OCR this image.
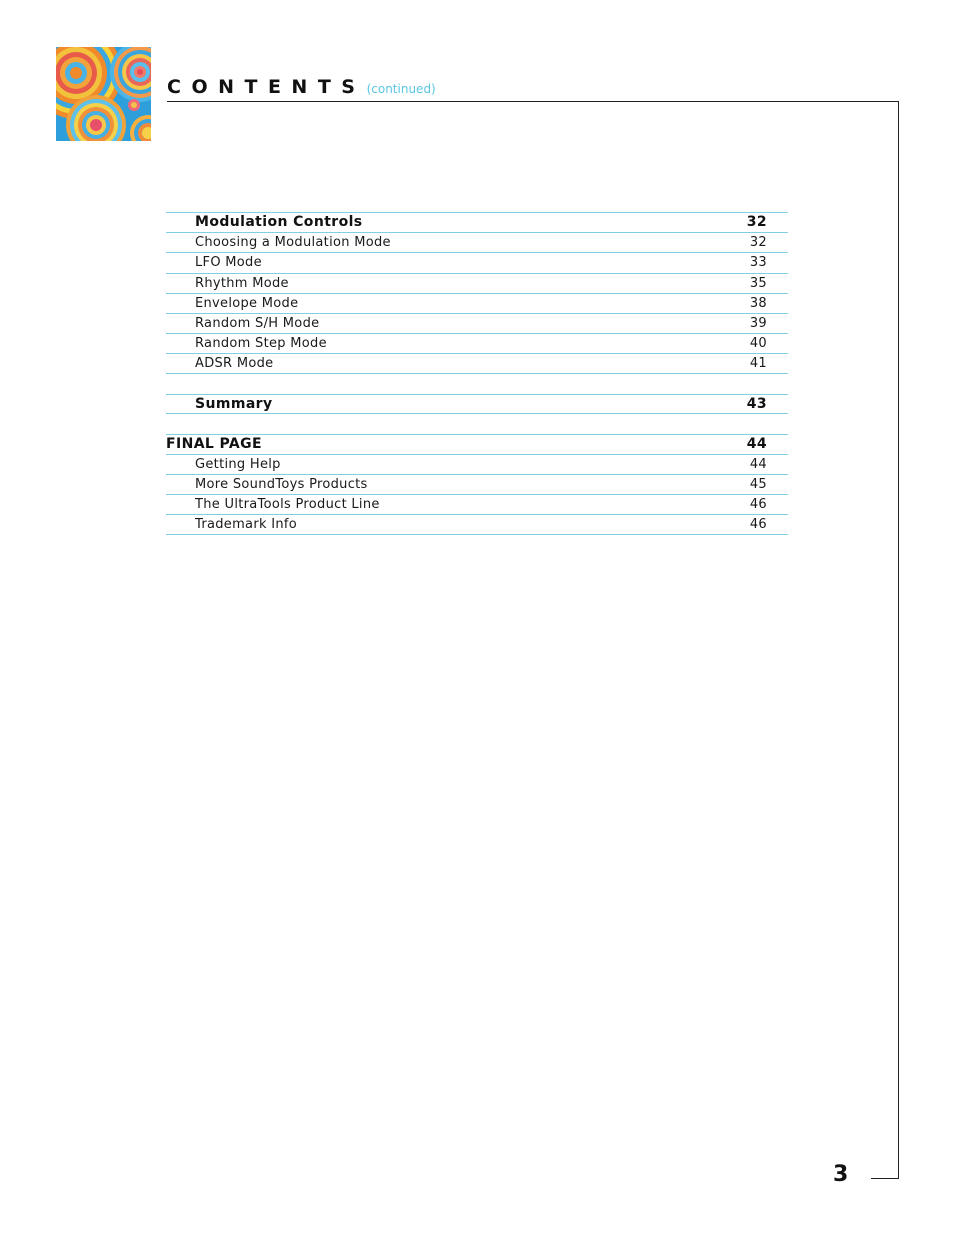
CONTENTS (continued)
Modulation Controls	32
Choosing a Modulation Mode	32
LFO Mode	33
Rhythm Mode	35
Envelope Mode	38
Random S/H Mode	39
Random Step Mode	40
ADSR Mode	41
Summary	43
FINAL PAGE	44
Getting Help	44
More SoundToys Products	45
The UltraTools Product Line	46
Trademark Info	46
3
